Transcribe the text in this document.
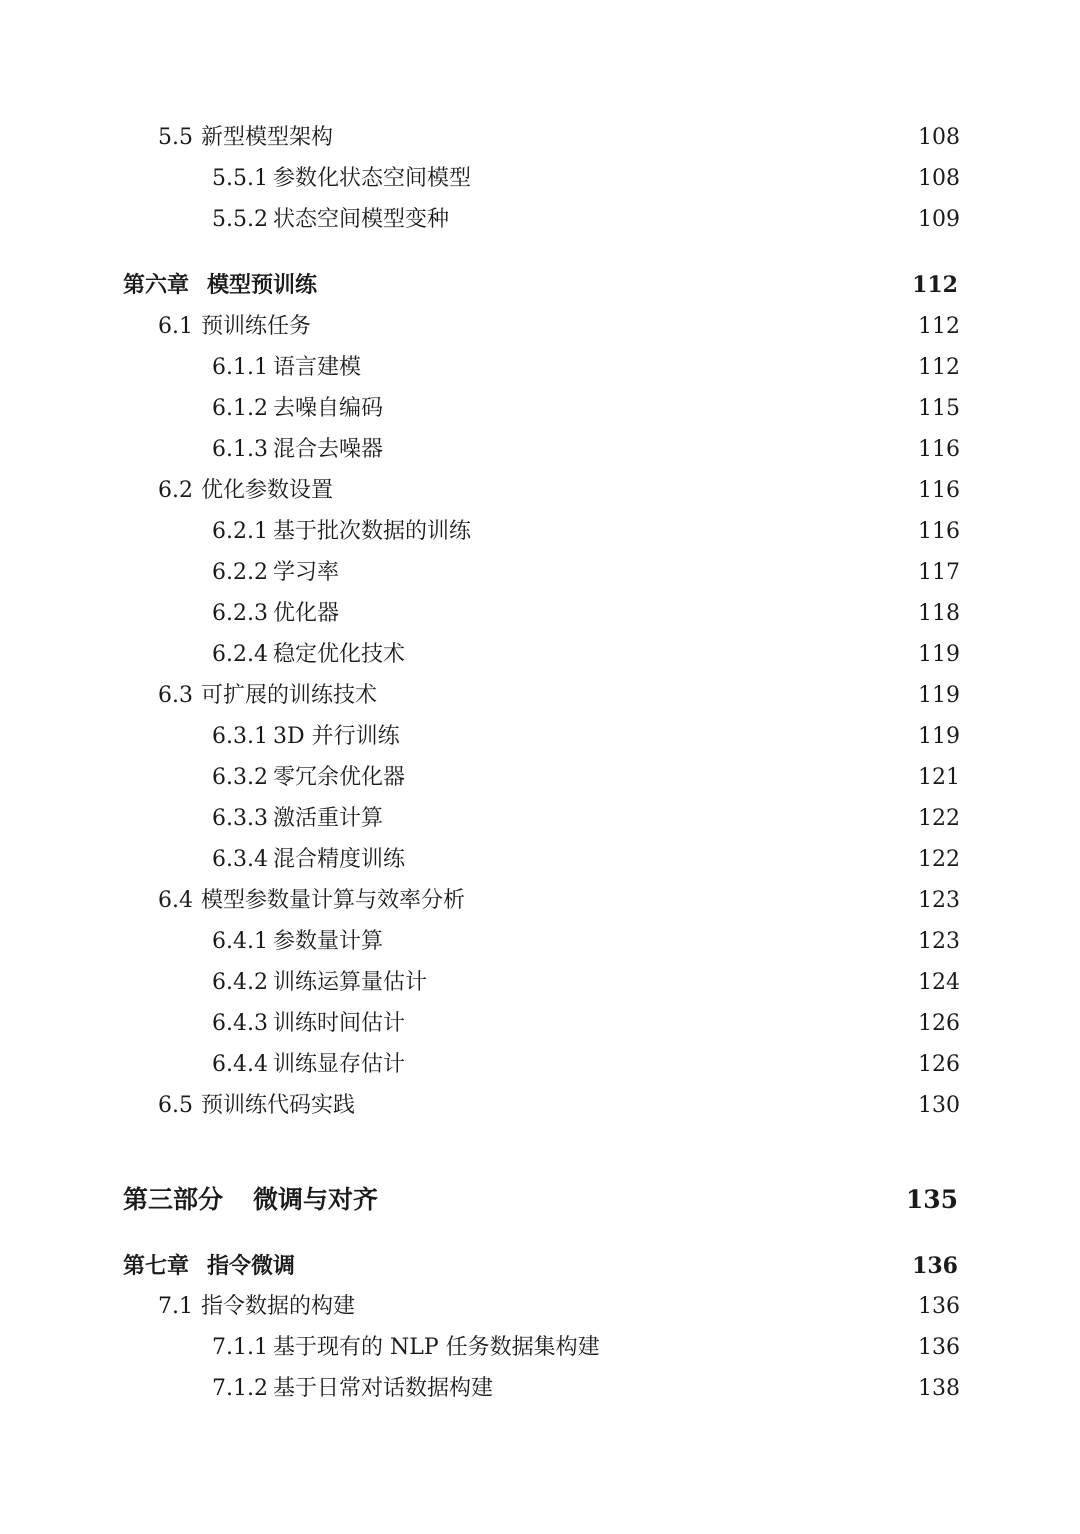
5.5 新型模型架构	108
5.5.1 参数化状态空间模型	108
5.5.2 状态空间模型变种	109
第六章 模型预训练	112
6.1 预训练任务	112
6.1.1 语言建模	112
6.1.2 去噪自编码	115
6.1.3 混合去噪器	116
6.2 优化参数设置	116
6.2.1 基于批次数据的训练	116
6.2.2 学习率	117
6.2.3 优化器	118
6.2.4 稳定优化技术	119
6.3 可扩展的训练技术	119
6.3.1 3D 并行训练	119
6.3.2 零冗余优化器	121
6.3.3 激活重计算	122
6.3.4 混合精度训练	122
6.4 模型参数量计算与效率分析	123
6.4.1 参数量计算	123
6.4.2 训练运算量估计	124
6.4.3 训练时间估计	126
6.4.4 训练显存估计	126
6.5 预训练代码实践	130
第三部分 微调与对齐	135
第七章 指令微调	136
7.1 指令数据的构建	136
7.1.1 基于现有的 NLP 任务数据集构建	136
7.1.2 基于日常对话数据构建	138
